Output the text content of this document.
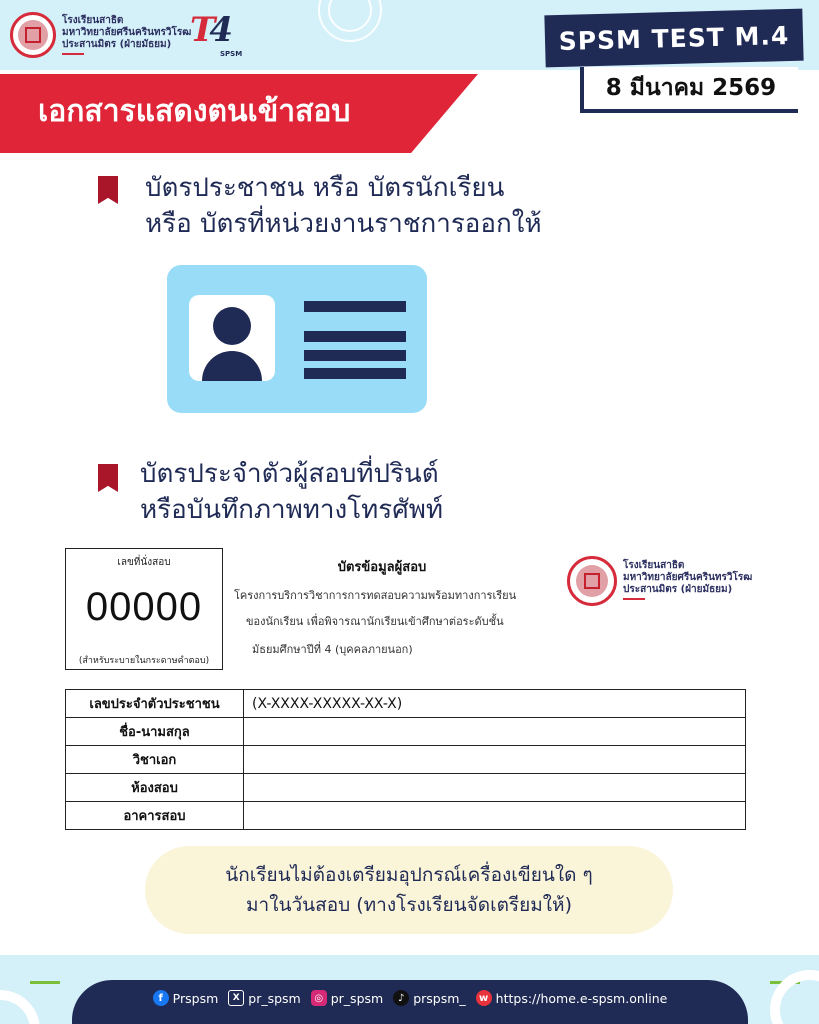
โรงเรียนสาธิต
มหาวิทยาลัยศรีนครินทรวิโรฒ
ประสานมิตร (ฝ่ายมัธยม) T4
SPSM	SPSM TEST M.4
8 มีนาคม 2569
เอกสารแสดงตนเข้าสอบ
บัตรประชาชน หรือ บัตรนักเรียน
หรือ บัตรที่หน่วยงานราชการออกให้
บัตรประจำตัวผู้สอบที่ปรินต์
หรือบันทึกภาพทางโทรศัพท์
เลขที่นั่งสอบ
00000
(สำหรับระบายในกระดาษคำตอบ)
บัตรข้อมูลผู้สอบ
โครงการบริการวิชาการการทดสอบความพร้อมทางการเรียน
ของนักเรียน เพื่อพิจารณานักเรียนเข้าศึกษาต่อระดับชั้น
มัธยมศึกษาปีที่ 4 (บุคคลภายนอก)
โรงเรียนสาธิต
มหาวิทยาลัยศรีนครินทรวิโรฒ
ประสานมิตร (ฝ่ายมัธยม)
เลขประจำตัวประชาชน	(X-XXXX-XXXXX-XX-X)
ชื่อ-นามสกุล	
วิชาเอก	
ห้องสอบ	
อาคารสอบ	
นักเรียนไม่ต้องเตรียมอุปกรณ์เครื่องเขียนใด ๆ
มาในวันสอบ (ทางโรงเรียนจัดเตรียมให้)
f Prspsm	X pr_spsm	◎ pr_spsm	♪ prspsm_	w https://home.e-spsm.online
